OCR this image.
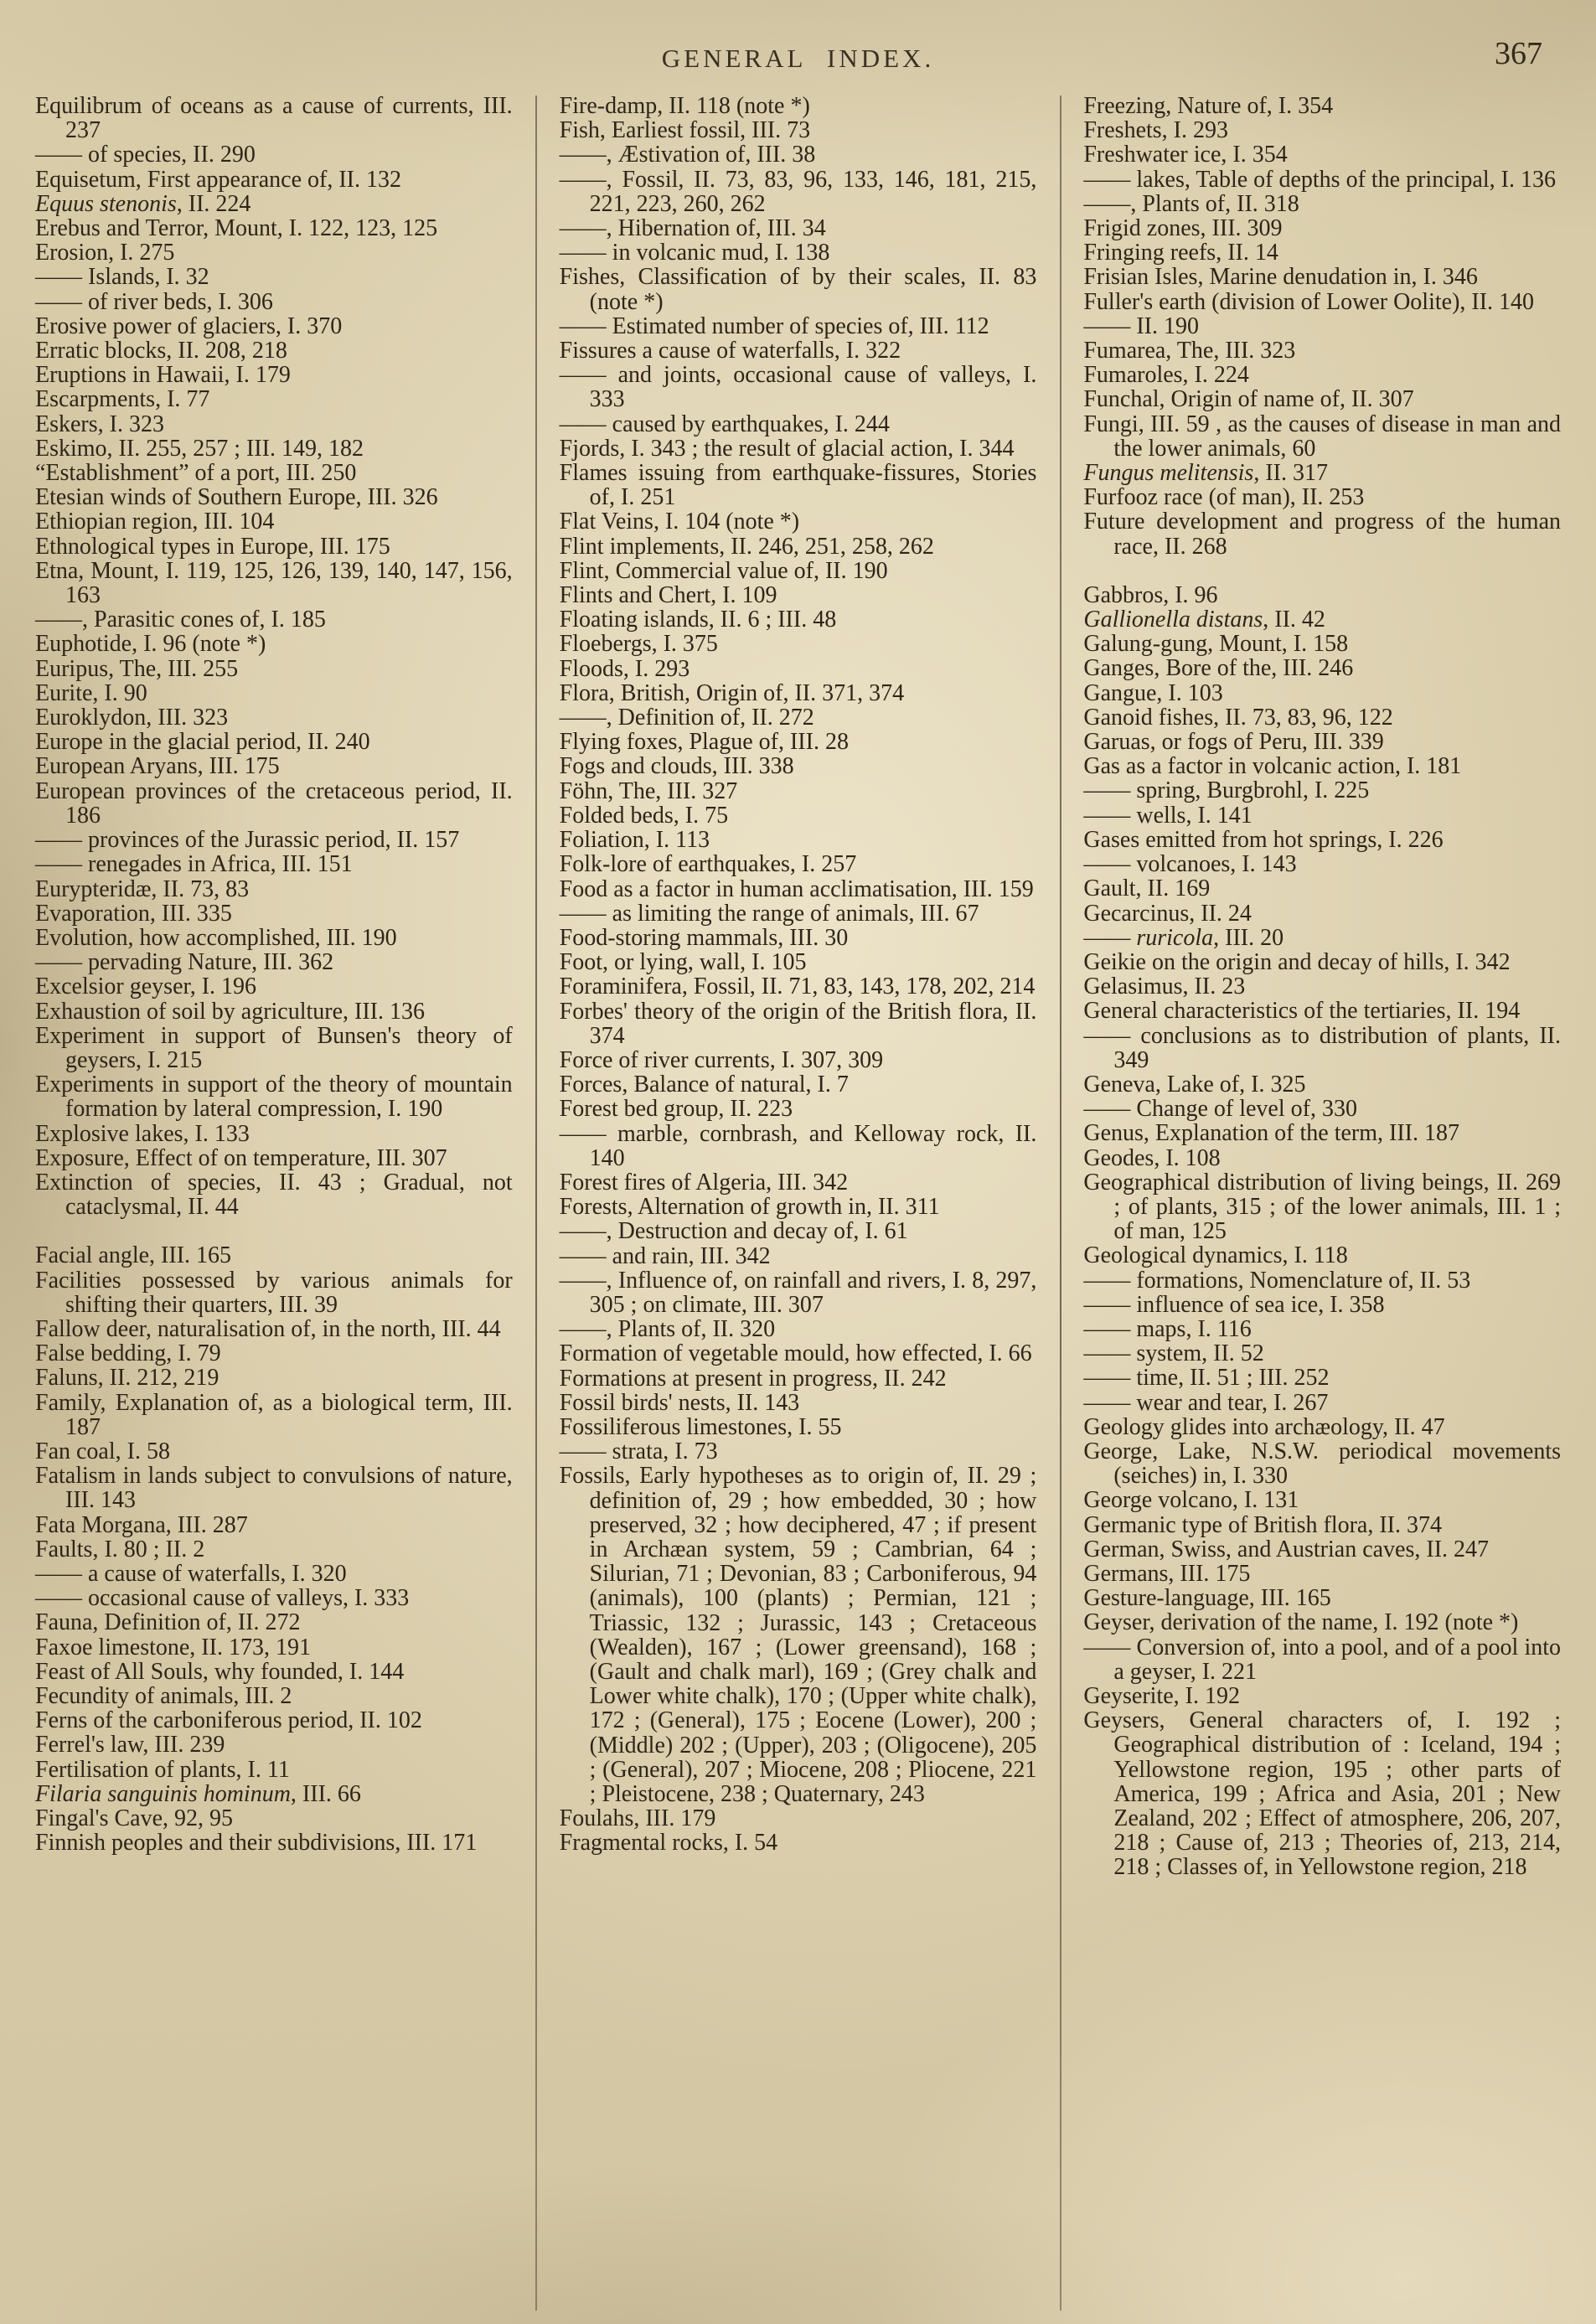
GENERAL INDEX.	367
Equilibrum of oceans as a cause of currents, III. 237
—— of species, II. 290
Equisetum, First appearance of, II. 132
Equus stenonis, II. 224
Erebus and Terror, Mount, I. 122, 123, 125
Erosion, I. 275
—— Islands, I. 32
—— of river beds, I. 306
Erosive power of glaciers, I. 370
Erratic blocks, II. 208, 218
Eruptions in Hawaii, I. 179
Escarpments, I. 77
Eskers, I. 323
Eskimo, II. 255, 257 ; III. 149, 182
“Establishment” of a port, III. 250
Etesian winds of Southern Europe, III. 326
Ethiopian region, III. 104
Ethnological types in Europe, III. 175
Etna, Mount, I. 119, 125, 126, 139, 140, 147, 156, 163
——, Parasitic cones of, I. 185
Euphotide, I. 96 (note *)
Euripus, The, III. 255
Eurite, I. 90
Euroklydon, III. 323
Europe in the glacial period, II. 240
European Aryans, III. 175
European provinces of the cretaceous period, II. 186
—— provinces of the Jurassic period, II. 157
—— renegades in Africa, III. 151
Eurypteridæ, II. 73, 83
Evaporation, III. 335
Evolution, how accomplished, III. 190
—— pervading Nature, III. 362
Excelsior geyser, I. 196
Exhaustion of soil by agriculture, III. 136
Experiment in support of Bunsen's theory of geysers, I. 215
Experiments in support of the theory of mountain formation by lateral compression, I. 190
Explosive lakes, I. 133
Exposure, Effect of on temperature, III. 307
Extinction of species, II. 43 ; Gradual, not cataclysmal, II. 44
Facial angle, III. 165
Facilities possessed by various animals for shifting their quarters, III. 39
Fallow deer, naturalisation of, in the north, III. 44
False bedding, I. 79
Faluns, II. 212, 219
Family, Explanation of, as a biological term, III. 187
Fan coal, I. 58
Fatalism in lands subject to convulsions of nature, III. 143
Fata Morgana, III. 287
Faults, I. 80 ; II. 2
—— a cause of waterfalls, I. 320
—— occasional cause of valleys, I. 333
Fauna, Definition of, II. 272
Faxoe limestone, II. 173, 191
Feast of All Souls, why founded, I. 144
Fecundity of animals, III. 2
Ferns of the carboniferous period, II. 102
Ferrel's law, III. 239
Fertilisation of plants, I. 11
Filaria sanguinis hominum, III. 66
Fingal's Cave, 92, 95
Finnish peoples and their subdivisions, III. 171
Fire-damp, II. 118 (note *)
Fish, Earliest fossil, III. 73
——, Æstivation of, III. 38
——, Fossil, II. 73, 83, 96, 133, 146, 181, 215, 221, 223, 260, 262
——, Hibernation of, III. 34
—— in volcanic mud, I. 138
Fishes, Classification of by their scales, II. 83 (note *)
—— Estimated number of species of, III. 112
Fissures a cause of waterfalls, I. 322
—— and joints, occasional cause of valleys, I. 333
—— caused by earthquakes, I. 244
Fjords, I. 343 ; the result of glacial action, I. 344
Flames issuing from earthquake-fissures, Stories of, I. 251
Flat Veins, I. 104 (note *)
Flint implements, II. 246, 251, 258, 262
Flint, Commercial value of, II. 190
Flints and Chert, I. 109
Floating islands, II. 6 ; III. 48
Floebergs, I. 375
Floods, I. 293
Flora, British, Origin of, II. 371, 374
——, Definition of, II. 272
Flying foxes, Plague of, III. 28
Fogs and clouds, III. 338
Föhn, The, III. 327
Folded beds, I. 75
Foliation, I. 113
Folk-lore of earthquakes, I. 257
Food as a factor in human acclimatisation, III. 159
—— as limiting the range of animals, III. 67
Food-storing mammals, III. 30
Foot, or lying, wall, I. 105
Foraminifera, Fossil, II. 71, 83, 143, 178, 202, 214
Forbes' theory of the origin of the British flora, II. 374
Force of river currents, I. 307, 309
Forces, Balance of natural, I. 7
Forest bed group, II. 223
—— marble, cornbrash, and Kelloway rock, II. 140
Forest fires of Algeria, III. 342
Forests, Alternation of growth in, II. 311
——, Destruction and decay of, I. 61
—— and rain, III. 342
——, Influence of, on rainfall and rivers, I. 8, 297, 305 ; on climate, III. 307
——, Plants of, II. 320
Formation of vegetable mould, how effected, I. 66
Formations at present in progress, II. 242
Fossil birds' nests, II. 143
Fossiliferous limestones, I. 55
—— strata, I. 73
Fossils, Early hypotheses as to origin of, II. 29 ; definition of, 29 ; how embedded, 30 ; how preserved, 32 ; how deciphered, 47 ; if present in Archæan system, 59 ; Cambrian, 64 ; Silurian, 71 ; Devonian, 83 ; Carboniferous, 94 (animals), 100 (plants) ; Permian, 121 ; Triassic, 132 ; Jurassic, 143 ; Cretaceous (Wealden), 167 ; (Lower greensand), 168 ; (Gault and chalk marl), 169 ; (Grey chalk and Lower white chalk), 170 ; (Upper white chalk), 172 ; (General), 175 ; Eocene (Lower), 200 ; (Middle) 202 ; (Upper), 203 ; (Oligocene), 205 ; (General), 207 ; Miocene, 208 ; Pliocene, 221 ; Pleistocene, 238 ; Quaternary, 243
Foulahs, III. 179
Fragmental rocks, I. 54
Freezing, Nature of, I. 354
Freshets, I. 293
Freshwater ice, I. 354
—— lakes, Table of depths of the principal, I. 136
——, Plants of, II. 318
Frigid zones, III. 309
Fringing reefs, II. 14
Frisian Isles, Marine denudation in, I. 346
Fuller's earth (division of Lower Oolite), II. 140
—— II. 190
Fumarea, The, III. 323
Fumaroles, I. 224
Funchal, Origin of name of, II. 307
Fungi, III. 59 , as the causes of disease in man and the lower animals, 60
Fungus melitensis, II. 317
Furfooz race (of man), II. 253
Future development and progress of the human race, II. 268
Gabbros, I. 96
Gallionella distans, II. 42
Galung-gung, Mount, I. 158
Ganges, Bore of the, III. 246
Gangue, I. 103
Ganoid fishes, II. 73, 83, 96, 122
Garuas, or fogs of Peru, III. 339
Gas as a factor in volcanic action, I. 181
—— spring, Burgbrohl, I. 225
—— wells, I. 141
Gases emitted from hot springs, I. 226
—— volcanoes, I. 143
Gault, II. 169
Gecarcinus, II. 24
—— ruricola, III. 20
Geikie on the origin and decay of hills, I. 342
Gelasimus, II. 23
General characteristics of the tertiaries, II. 194
—— conclusions as to distribution of plants, II. 349
Geneva, Lake of, I. 325
—— Change of level of, 330
Genus, Explanation of the term, III. 187
Geodes, I. 108
Geographical distribution of living beings, II. 269 ; of plants, 315 ; of the lower animals, III. 1 ; of man, 125
Geological dynamics, I. 118
—— formations, Nomenclature of, II. 53
—— influence of sea ice, I. 358
—— maps, I. 116
—— system, II. 52
—— time, II. 51 ; III. 252
—— wear and tear, I. 267
Geology glides into archæology, II. 47
George, Lake, N.S.W. periodical movements (seiches) in, I. 330
George volcano, I. 131
Germanic type of British flora, II. 374
German, Swiss, and Austrian caves, II. 247
Germans, III. 175
Gesture-language, III. 165
Geyser, derivation of the name, I. 192 (note *)
—— Conversion of, into a pool, and of a pool into a geyser, I. 221
Geyserite, I. 192
Geysers, General characters of, I. 192 ; Geographical distribution of : Iceland, 194 ; Yellowstone region, 195 ; other parts of America, 199 ; Africa and Asia, 201 ; New Zealand, 202 ; Effect of atmosphere, 206, 207, 218 ; Cause of, 213 ; Theories of, 213, 214, 218 ; Classes of, in Yellowstone region, 218
